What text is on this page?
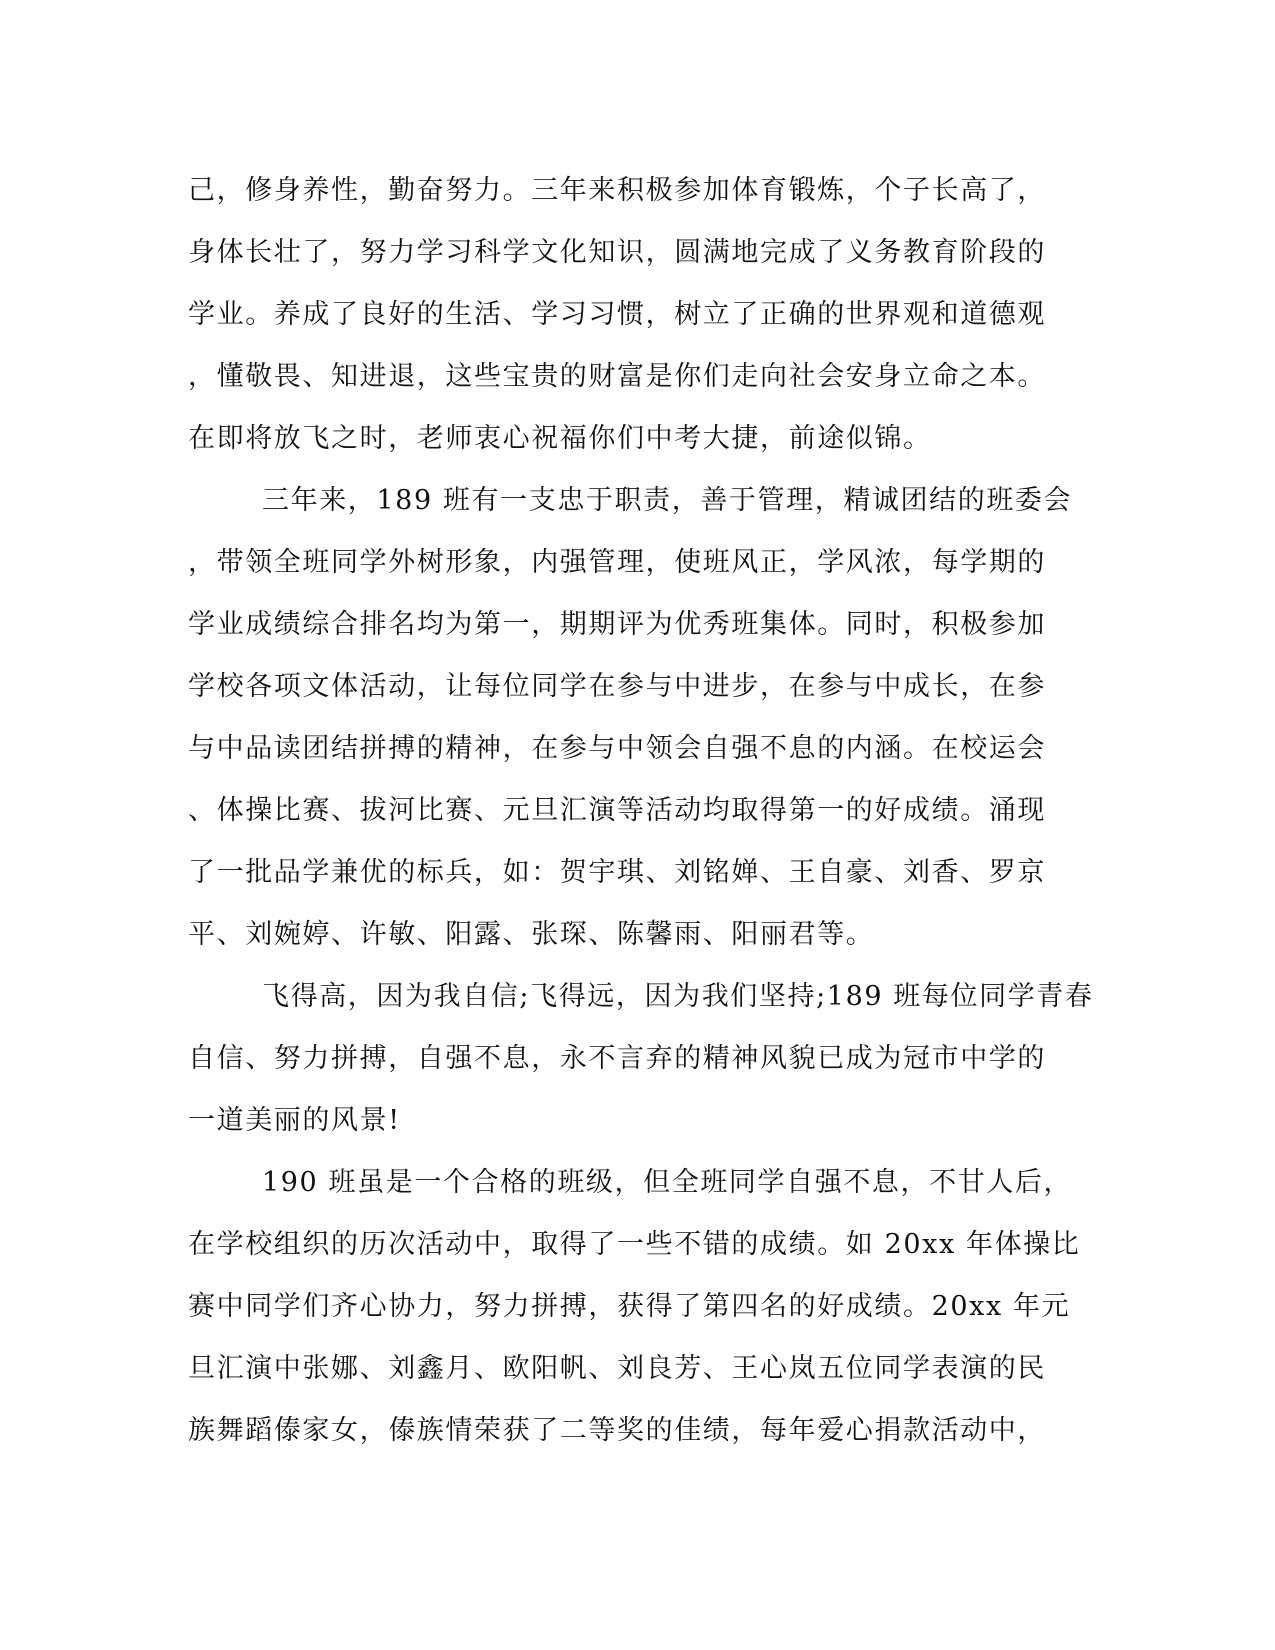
己，修身养性，勤奋努力。三年来积极参加体育锻炼，个子长高了，
身体长壮了，努力学习科学文化知识，圆满地完成了义务教育阶段的
学业。养成了良好的生活、学习习惯，树立了正确的世界观和道德观
，懂敬畏、知进退，这些宝贵的财富是你们走向社会安身立命之本。
在即将放飞之时，老师衷心祝福你们中考大捷，前途似锦。
三年来，189 班有一支忠于职责，善于管理，精诚团结的班委会
，带领全班同学外树形象，内强管理，使班风正，学风浓，每学期的
学业成绩综合排名均为第一，期期评为优秀班集体。同时，积极参加
学校各项文体活动，让每位同学在参与中进步，在参与中成长，在参
与中品读团结拼搏的精神，在参与中领会自强不息的内涵。在校运会
、体操比赛、拔河比赛、元旦汇演等活动均取得第一的好成绩。涌现
了一批品学兼优的标兵，如：贺宇琪、刘铭婵、王自豪、刘香、罗京
平、刘婉婷、许敏、阳露、张琛、陈馨雨、阳丽君等。
飞得高，因为我自信;飞得远，因为我们坚持;189 班每位同学青春
自信、努力拼搏，自强不息，永不言弃的精神风貌已成为冠市中学的
一道美丽的风景!
190 班虽是一个合格的班级，但全班同学自强不息，不甘人后，
在学校组织的历次活动中，取得了一些不错的成绩。如 20xx 年体操比
赛中同学们齐心协力，努力拼搏，获得了第四名的好成绩。20xx 年元
旦汇演中张娜、刘鑫月、欧阳帆、刘良芳、王心岚五位同学表演的民
族舞蹈傣家女，傣族情荣获了二等奖的佳绩，每年爱心捐款活动中，
